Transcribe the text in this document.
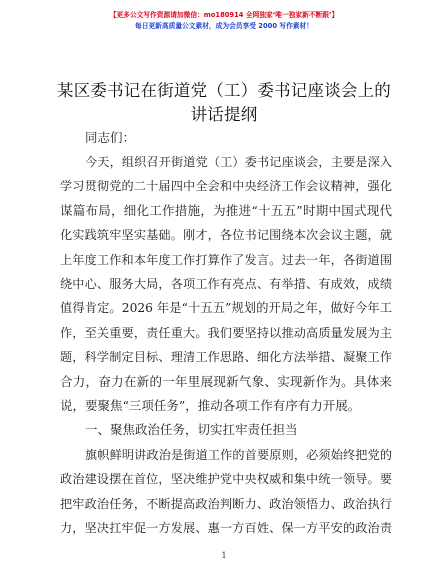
【更多公文写作资源请加微信：mo180914 全网独家‘唯一独家新不断跟’】
每日更新高质量公文素材，成为会员享受 2000 写作素材！
某区委书记在街道党（工）委书记座谈会上的
讲话提纲
同志们：
今天，组织召开街道党（工）委书记座谈会，主要是深入
学习贯彻党的二十届四中全会和中央经济工作会议精神，强化
谋篇布局，细化工作措施，为推进“十五五”时期中国式现代
化实践筑牢坚实基础。刚才，各位书记围绕本次会议主题，就
上年度工作和本年度工作打算作了发言。过去一年，各街道围
绕中心、服务大局，各项工作有亮点、有举措、有成效，成绩
值得肯定。2026 年是“十五五”规划的开局之年，做好今年工
作，至关重要，责任重大。我们要坚持以推动高质量发展为主
题，科学制定目标、理清工作思路、细化方法举措、凝聚工作
合力，奋力在新的一年里展现新气象、实现新作为。具体来
说，要聚焦“三项任务”，推动各项工作有序有力开展。
一、聚焦政治任务，切实扛牢责任担当
旗帜鲜明讲政治是街道工作的首要原则，必须始终把党的
政治建设摆在首位，坚决维护党中央权威和集中统一领导。要
把牢政治任务，不断提高政治判断力、政治领悟力、政治执行
力，坚决扛牢促一方发展、惠一方百姓、保一方平安的政治责
1
